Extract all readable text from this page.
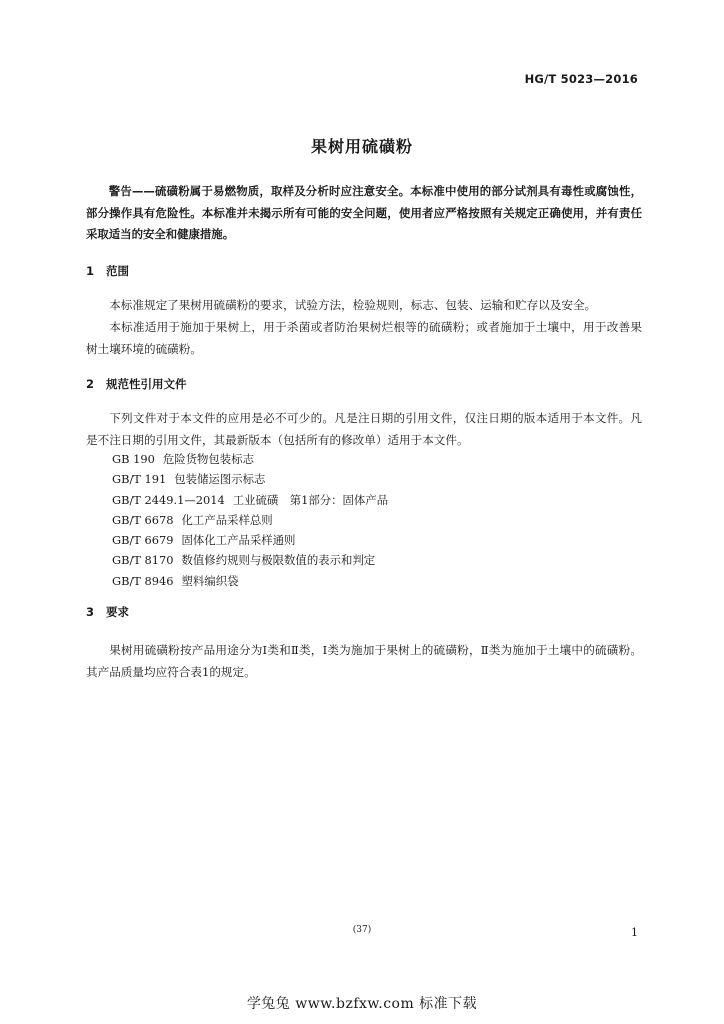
HG/T 5023—2016
果树用硫磺粉

警告——硫磺粉属于易燃物质，取样及分析时应注意安全。本标准中使用的部分试剂具有毒性或腐蚀性，部分操作具有危险性。本标准并未揭示所有可能的安全问题，使用者应严格按照有关规定正确使用，并有责任采取适当的安全和健康措施。

1 范围

本标准规定了果树用硫磺粉的要求，试验方法，检验规则，标志、包装、运输和贮存以及安全。

本标准适用于施加于果树上，用于杀菌或者防治果树烂根等的硫磺粉；或者施加于土壤中，用于改善果树土壤环境的硫磺粉。

2 规范性引用文件

下列文件对于本文件的应用是必不可少的。凡是注日期的引用文件，仅注日期的版本适用于本文件。凡是不注日期的引用文件，其最新版本（包括所有的修改单）适用于本文件。

GB 190 危险货物包装标志
GB/T 191 包装储运图示标志
GB/T 2449.1—2014 工业硫磺　第1部分：固体产品
GB/T 6678 化工产品采样总则
GB/T 6679 固体化工产品采样通则
GB/T 8170 数值修约规则与极限数值的表示和判定
GB/T 8946 塑料编织袋
3 要求

果树用硫磺粉按产品用途分为Ⅰ类和Ⅱ类，Ⅰ类为施加于果树上的硫磺粉，Ⅱ类为施加于土壤中的硫磺粉。其产品质量均应符合表1的规定。

(37)	1
学兔兔 www.bzfxw.com 标准下载
